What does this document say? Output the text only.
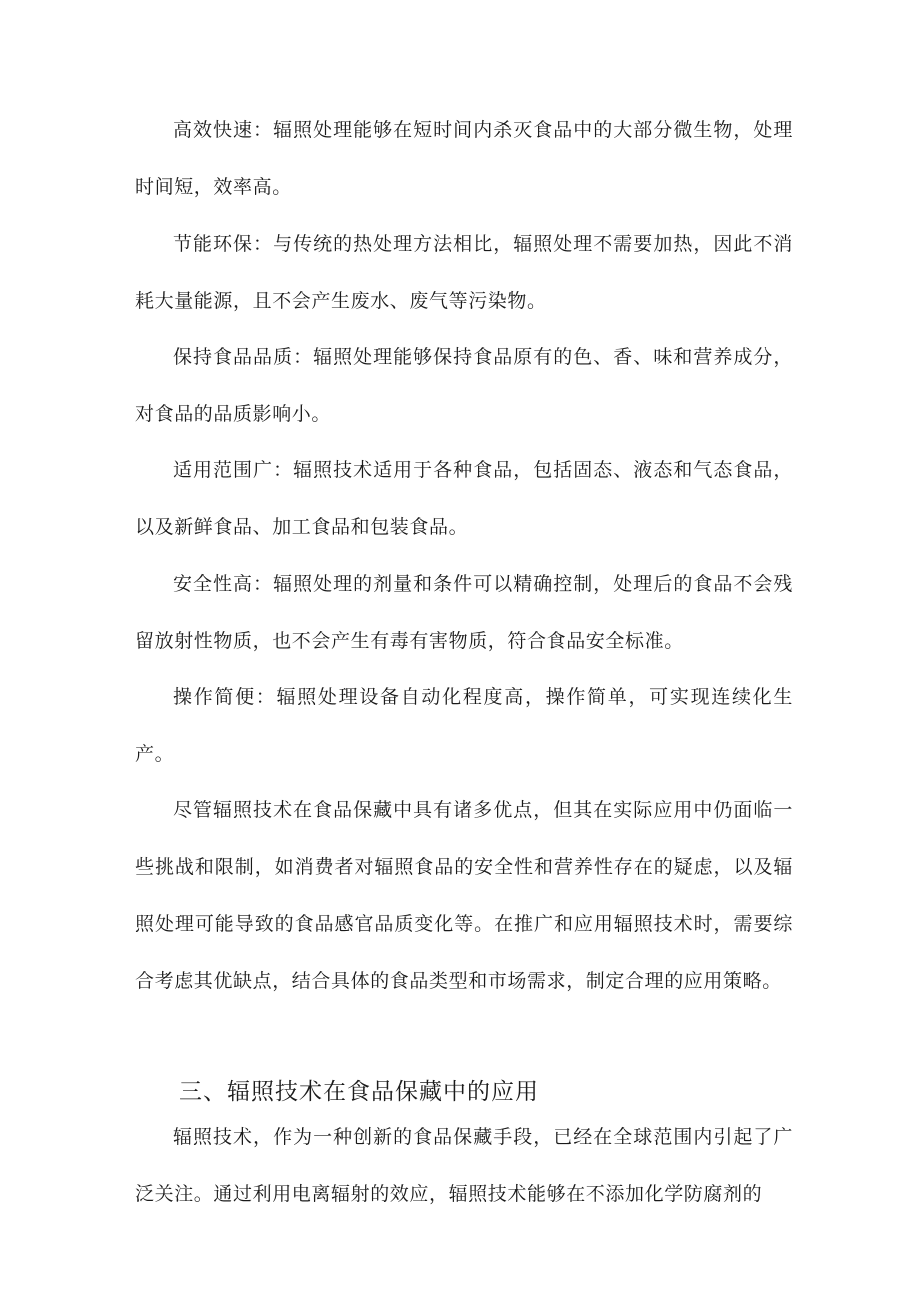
高效快速：辐照处理能够在短时间内杀灭食品中的大部分微生物，处理时间短，效率高。

节能环保：与传统的热处理方法相比，辐照处理不需要加热，因此不消耗大量能源，且不会产生废水、废气等污染物。

保持食品品质：辐照处理能够保持食品原有的色、香、味和营养成分，对食品的品质影响小。

适用范围广：辐照技术适用于各种食品，包括固态、液态和气态食品，以及新鲜食品、加工食品和包装食品。

安全性高：辐照处理的剂量和条件可以精确控制，处理后的食品不会残留放射性物质，也不会产生有毒有害物质，符合食品安全标准。

操作简便：辐照处理设备自动化程度高，操作简单，可实现连续化生产。

尽管辐照技术在食品保藏中具有诸多优点，但其在实际应用中仍面临一些挑战和限制，如消费者对辐照食品的安全性和营养性存在的疑虑，以及辐照处理可能导致的食品感官品质变化等。在推广和应用辐照技术时，需要综合考虑其优缺点，结合具体的食品类型和市场需求，制定合理的应用策略。

三、辐照技术在食品保藏中的应用

辐照技术，作为一种创新的食品保藏手段，已经在全球范围内引起了广泛关注。通过利用电离辐射的效应，辐照技术能够在不添加化学防腐剂的
